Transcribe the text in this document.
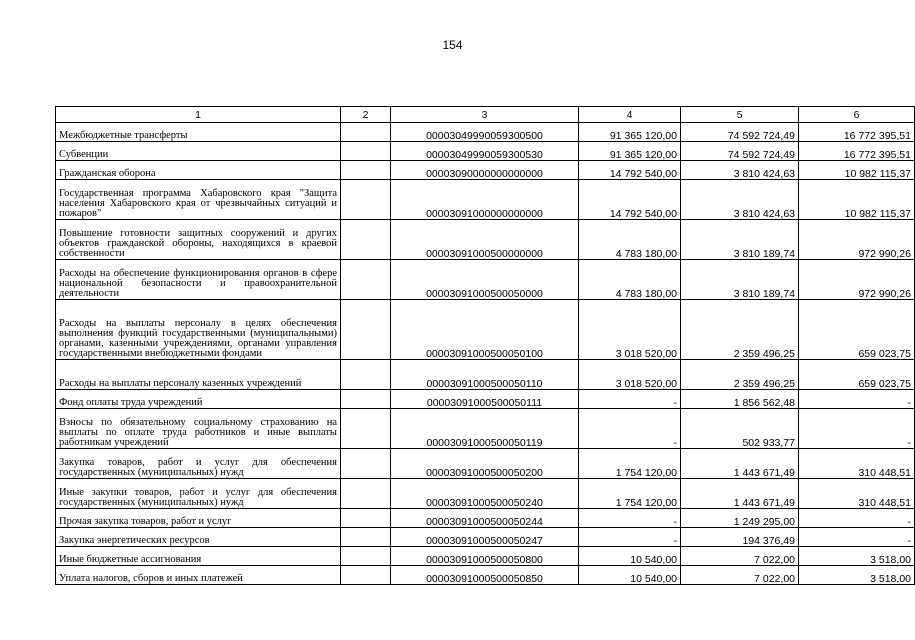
154
1	2	3	4	5	6
Межбюджетные трансферты		00003049990059300500	91 365 120,00	74 592 724,49	16 772 395,51
Субвенции		00003049990059300530	91 365 120,00	74 592 724,49	16 772 395,51
Гражданская оборона		00003090000000000000	14 792 540,00	3 810 424,63	10 982 115,37
Государственная программа Хабаровского края "Защита населения Хабаровского края от чрезвычайных ситуаций и пожаров"		00003091000000000000	14 792 540,00	3 810 424,63	10 982 115,37
Повышение готовности защитных сооружений и других объектов гражданской обороны, находящихся в краевой собственности		00003091000500000000	4 783 180,00	3 810 189,74	972 990,26
Расходы на обеспечение функционирования органов в сфере национальной безопасности и правоохранительной деятельности		00003091000500050000	4 783 180,00	3 810 189,74	972 990,26
Расходы на выплаты персоналу в целях обеспечения выполнения функций государственными (муниципальными) органами, казенными учреждениями, органами управления государственными внебюджетными фондами		00003091000500050100	3 018 520,00	2 359 496,25	659 023,75
Расходы на выплаты персоналу казенных учреждений		00003091000500050110	3 018 520,00	2 359 496,25	659 023,75
Фонд оплаты труда учреждений		00003091000500050111	-	1 856 562,48	-
Взносы по обязательному социальному страхованию на выплаты по оплате труда работников и иные выплаты работникам учреждений		00003091000500050119	-	502 933,77	-
Закупка товаров, работ и услуг для обеспечения государственных (муниципальных) нужд		00003091000500050200	1 754 120,00	1 443 671,49	310 448,51
Иные закупки товаров, работ и услуг для обеспечения государственных (муниципальных) нужд		00003091000500050240	1 754 120,00	1 443 671,49	310 448,51
Прочая закупка товаров, работ и услуг		00003091000500050244	-	1 249 295,00	-
Закупка энергетических ресурсов		00003091000500050247	-	194 376,49	-
Иные бюджетные ассигнования		00003091000500050800	10 540,00	7 022,00	3 518,00
Уплата налогов, сборов и иных платежей		00003091000500050850	10 540,00	7 022,00	3 518,00
